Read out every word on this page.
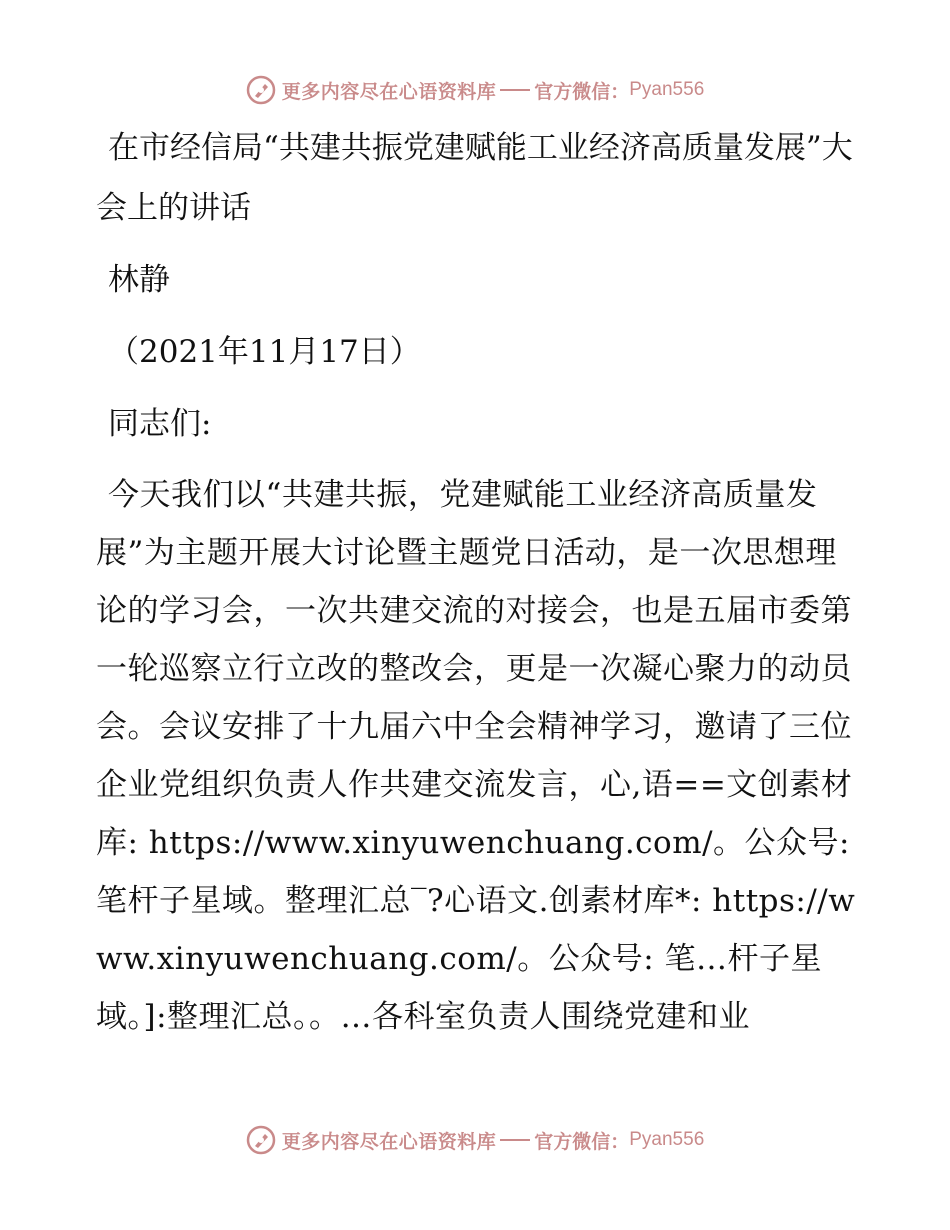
更多内容尽在心语资料库 官方微信： Pyan556
在市经信局“共建共振党建赋能工业经济高质量发展”大会上的讲话

林静

（2021年11月17日）

同志们:

今天我们以“共建共振，党建赋能工业经济高质量发展”为主题开展大讨论暨主题党日活动，是一次思想理论的学习会，一次共建交流的对接会，也是五届市委第一轮巡察立行立改的整改会，更是一次凝心聚力的动员会。会议安排了十九届六中全会精神学习，邀请了三位企业党组织负责人作共建交流发言，心,语==文创素材库: https://www.xinyuwenchuang.com/。公众号: 笔杆子星域。整理汇总‾?心语文.创素材库*: https://www.xinyuwenchuang.com/。公众号: 笔…杆子星域。]:整理汇总。。…各科室负责人围绕党建和业

更多内容尽在心语资料库 官方微信： Pyan556
